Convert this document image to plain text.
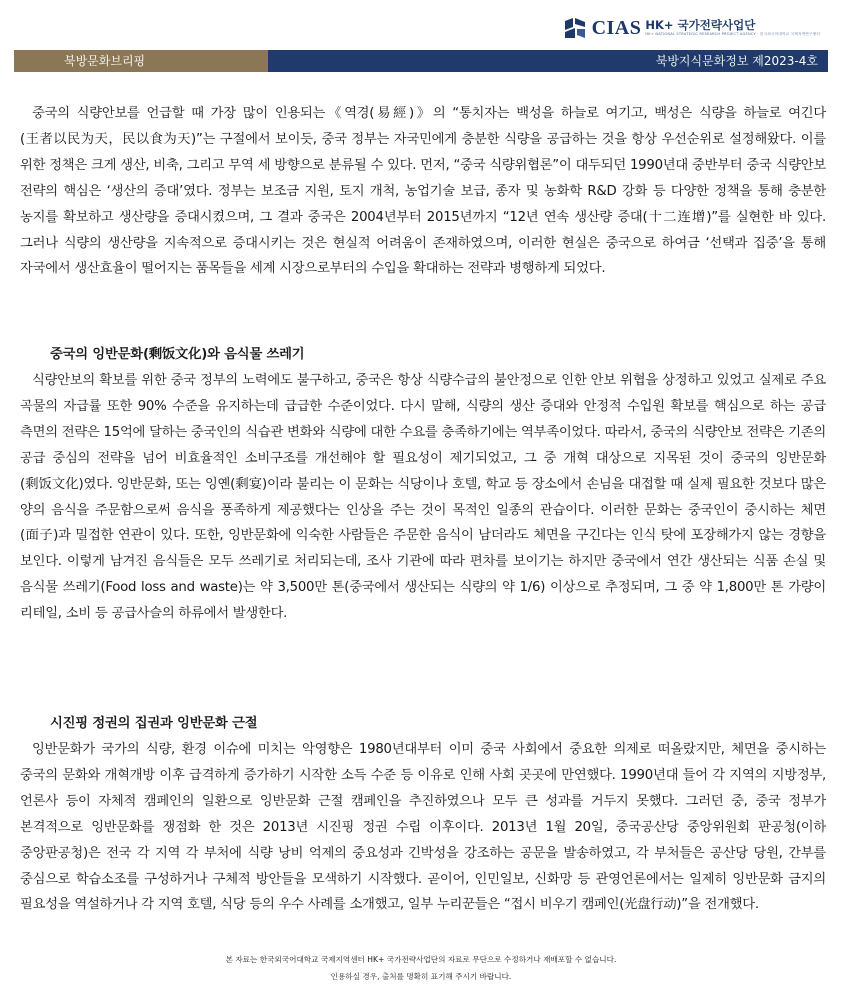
CIAS HK+ 국가전략사업단
HK+ NATIONAL STRATEGIC RESEARCH PROJECT AGENCY · 한국외국어대학교 국제지역연구센터
북방문화브리핑	북방지식문화정보 제2023-4호

중국의 식량안보를 언급할 때 가장 많이 인용되는《역경(易經)》의 “통치자는 백성을 하늘로 여기고, 백성은 식량을 하늘로 여긴다(王者以民为天，民以食为天)”는 구절에서 보이듯, 중국 정부는 자국민에게 충분한 식량을 공급하는 것을 항상 우선순위로 설정해왔다. 이를 위한 정책은 크게 생산, 비축, 그리고 무역 세 방향으로 분류될 수 있다. 먼저, “중국 식량위협론”이 대두되던 1990년대 중반부터 중국 식량안보 전략의 핵심은 ‘생산의 증대’였다. 정부는 보조금 지원, 토지 개척, 농업기술 보급, 종자 및 농화학 R&D 강화 등 다양한 정책을 통해 충분한 농지를 확보하고 생산량을 증대시켰으며, 그 결과 중국은 2004년부터 2015년까지 “12년 연속 생산량 증대(十二连增)”를 실현한 바 있다. 그러나 식량의 생산량을 지속적으로 증대시키는 것은 현실적 어려움이 존재하였으며, 이러한 현실은 중국으로 하여금 ‘선택과 집중’을 통해 자국에서 생산효율이 떨어지는 품목들을 세계 시장으로부터의 수입을 확대하는 전략과 병행하게 되었다.

중국의 잉반문화(剩饭文化)와 음식물 쓰레기

식량안보의 확보를 위한 중국 정부의 노력에도 불구하고, 중국은 항상 식량수급의 불안정으로 인한 안보 위협을 상정하고 있었고 실제로 주요 곡물의 자급률 또한 90% 수준을 유지하는데 급급한 수준이었다. 다시 말해, 식량의 생산 증대와 안정적 수입원 확보를 핵심으로 하는 공급 측면의 전략은 15억에 달하는 중국인의 식습관 변화와 식량에 대한 수요를 충족하기에는 역부족이었다. 따라서, 중국의 식량안보 전략은 기존의 공급 중심의 전략을 넘어 비효율적인 소비구조를 개선해야 할 필요성이 제기되었고, 그 중 개혁 대상으로 지목된 것이 중국의 잉반문화(剩饭文化)였다. 잉반문화, 또는 잉옌(剩宴)이라 불리는 이 문화는 식당이나 호텔, 학교 등 장소에서 손님을 대접할 때 실제 필요한 것보다 많은 양의 음식을 주문함으로써 음식을 풍족하게 제공했다는 인상을 주는 것이 목적인 일종의 관습이다. 이러한 문화는 중국인이 중시하는 체면(面子)과 밀접한 연관이 있다. 또한, 잉반문화에 익숙한 사람들은 주문한 음식이 남더라도 체면을 구긴다는 인식 탓에 포장해가지 않는 경향을 보인다. 이렇게 남겨진 음식들은 모두 쓰레기로 처리되는데, 조사 기관에 따라 편차를 보이기는 하지만 중국에서 연간 생산되는 식품 손실 및 음식물 쓰레기(Food loss and waste)는 약 3,500만 톤(중국에서 생산되는 식량의 약 1/6) 이상으로 추정되며, 그 중 약 1,800만 톤 가량이 리테일, 소비 등 공급사슬의 하류에서 발생한다.

시진핑 정권의 집권과 잉반문화 근절

잉반문화가 국가의 식량, 환경 이슈에 미치는 악영향은 1980년대부터 이미 중국 사회에서 중요한 의제로 떠올랐지만, 체면을 중시하는 중국의 문화와 개혁개방 이후 급격하게 증가하기 시작한 소득 수준 등 이유로 인해 사회 곳곳에 만연했다. 1990년대 들어 각 지역의 지방정부, 언론사 등이 자체적 캠페인의 일환으로 잉반문화 근절 캠페인을 추진하였으나 모두 큰 성과를 거두지 못했다. 그러던 중, 중국 정부가 본격적으로 잉반문화를 쟁점화 한 것은 2013년 시진핑 정권 수립 이후이다. 2013년 1월 20일, 중국공산당 중앙위원회 판공청(이하 중앙판공청)은 전국 각 지역 각 부처에 식량 낭비 억제의 중요성과 긴박성을 강조하는 공문을 발송하였고, 각 부처들은 공산당 당원, 간부를 중심으로 학습소조를 구성하거나 구체적 방안들을 모색하기 시작했다. 곧이어, 인민일보, 신화망 등 관영언론에서는 일제히 잉반문화 금지의 필요성을 역설하거나 각 지역 호텔, 식당 등의 우수 사례를 소개했고, 일부 누리꾼들은 “접시 비우기 캠페인(光盘行动)”을 전개했다.

본 자료는 한국외국어대학교 국제지역센터 HK+ 국가전략사업단의 자료로 무단으로 수정하거나 재배포할 수 없습니다.
인용하실 경우, 출처를 명확히 표기해 주시기 바랍니다.
